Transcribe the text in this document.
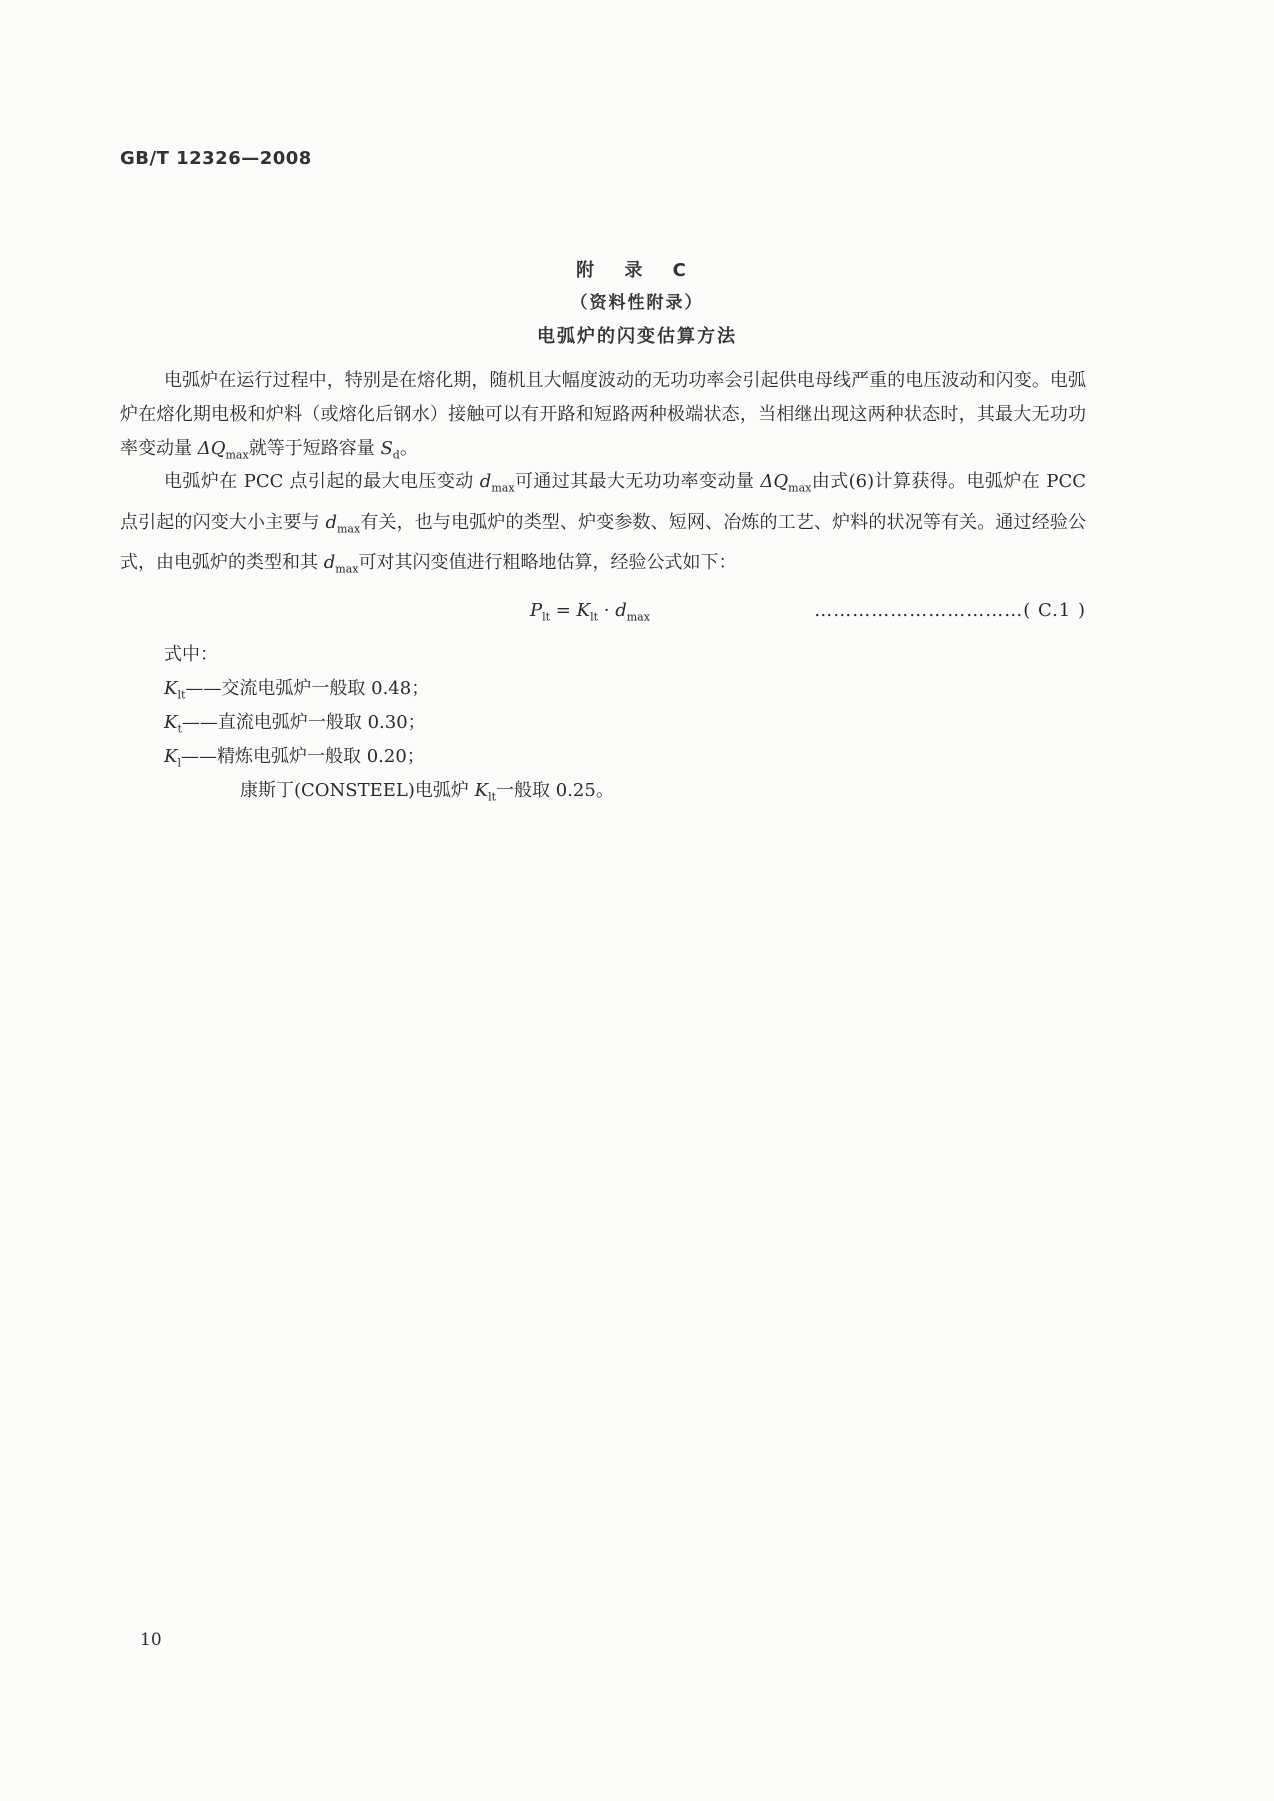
GB/T 12326—2008
附 录 C
（资料性附录）
电弧炉的闪变估算方法

电弧炉在运行过程中，特别是在熔化期，随机且大幅度波动的无功功率会引起供电母线严重的电压波动和闪变。电弧炉在熔化期电极和炉料（或熔化后钢水）接触可以有开路和短路两种极端状态，当相继出现这两种状态时，其最大无功功率变动量 $\Delta Q_{max}$就等于短路容量 $S_d$。

电弧炉在 PCC 点引起的最大电压变动 $d_{max}$可通过其最大无功功率变动量 $\Delta Q_{max}$由式(6)计算获得。电弧炉在 PCC 点引起的闪变大小主要与 $d_{max}$有关，也与电弧炉的类型、炉变参数、短网、冶炼的工艺、炉料的状况等有关。通过经验公式，由电弧炉的类型和其 $d_{max}$可对其闪变值进行粗略地估算，经验公式如下：

$P_{lt} = K_{lt} \cdot d_{max}$	……………………………( C.1 )
式中：
$K_{lt}——$交流电弧炉一般取 0.48；
$K_t——$直流电弧炉一般取 0.30；
$K_l——$精炼电弧炉一般取 0.20；
康斯丁(CONSTEEL)电弧炉 $K_{lt}$一般取 0.25。
10
